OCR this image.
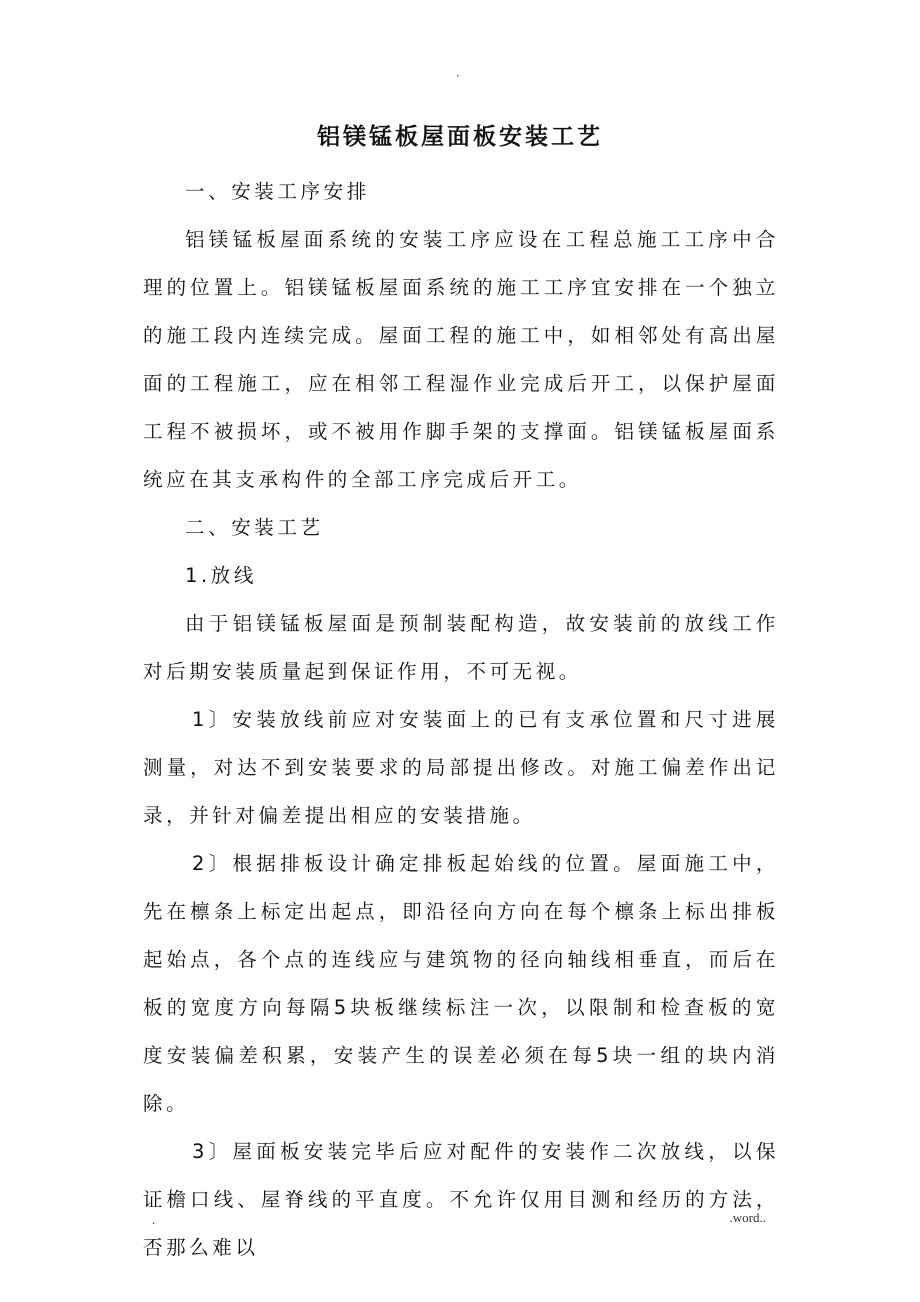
·
铝镁锰板屋面板安装工艺

一、安装工序安排

铝镁锰板屋面系统的安装工序应设在工程总施工工序中合理的位置上。铝镁锰板屋面系统的施工工序宜安排在一个独立的施工段内连续完成。屋面工程的施工中，如相邻处有高出屋面的工程施工，应在相邻工程湿作业完成后开工，以保护屋面工程不被损坏，或不被用作脚手架的支撑面。铝镁锰板屋面系统应在其支承构件的全部工序完成后开工。

二、安装工艺

1.放线

由于铝镁锰板屋面是预制装配构造，故安装前的放线工作对后期安装质量起到保证作用，不可无视。

1〕安装放线前应对安装面上的已有支承位置和尺寸进展测量，对达不到安装要求的局部提出修改。对施工偏差作出记录，并针对偏差提出相应的安装措施。

2〕根据排板设计确定排板起始线的位置。屋面施工中，先在檩条上标定出起点，即沿径向方向在每个檩条上标出排板起始点，各个点的连线应与建筑物的径向轴线相垂直，而后在板的宽度方向每隔5块板继续标注一次，以限制和检查板的宽度安装偏差积累，安装产生的误差必须在每5块一组的块内消除。

3〕屋面板安装完毕后应对配件的安装作二次放线，以保证檐口线、屋脊线的平直度。不允许仅用目测和经历的方法，否那么难以

.	.word..
